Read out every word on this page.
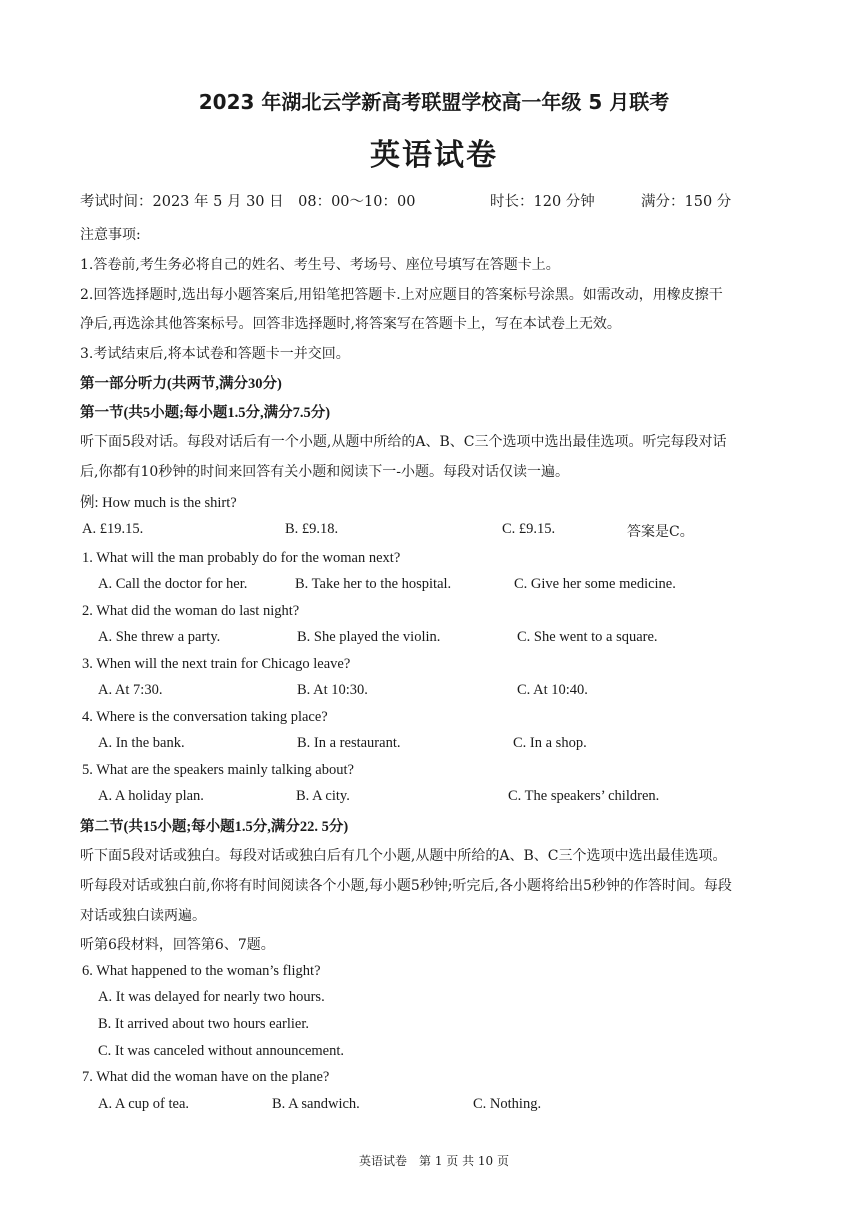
2023 年湖北云学新高考联盟学校高一年级 5 月联考
英语试卷
考试时间：2023 年 5 月 30 日　08：00～10：00	时长：120 分钟	满分：150 分
注意事项:
1.答卷前,考生务必将自己的姓名、考生号、考场号、座位号填写在答题卡上。
2.回答选择题时,选出每小题答案后,用铅笔把答题卡.上对应题目的答案标号涂黑。如需改动，用橡皮擦干
净后,再选涂其他答案标号。回答非选择题时,将答案写在答题卡上，写在本试卷上无效。
3.考试结束后,将本试卷和答题卡一并交回。
第一部分听力(共两节,满分30分)
第一节(共5小题;每小题1.5分,满分7.5分)
听下面5段对话。每段对话后有一个小题,从题中所给的A、B、C三个选项中选出最佳选项。听完每段对话
后,你都有10秒钟的时间来回答有关小题和阅读下一-小题。每段对话仅读一遍。
例: How much is the shirt?
A. £19.15.	B. £9.18.	C. £9.15.	答案是C。
1. What will the man probably do for the woman next?
A. Call the doctor for her.	B. Take her to the hospital.	C. Give her some medicine.
2. What did the woman do last night?
A. She threw a party.	B. She played the violin.	C. She went to a square.
3. When will the next train for Chicago leave?
A. At 7:30.	B. At 10:30.	C. At 10:40.
4. Where is the conversation taking place?
A. In the bank.	B. In a restaurant.	C. In a shop.
5. What are the speakers mainly talking about?
A. A holiday plan.	B. A city.	C. The speakers’ children.
第二节(共15小题;每小题1.5分,满分22. 5分)
听下面5段对话或独白。每段对话或独白后有几个小题,从题中所给的A、B、C三个选项中选出最佳选项。
听每段对话或独白前,你将有时间阅读各个小题,每小题5秒钟;听完后,各小题将给出5秒钟的作答时间。每段
对话或独白读两遍。
听第6段材料，回答第6、7题。
6. What happened to the woman’s flight?
A. It was delayed for nearly two hours.
B. It arrived about two hours earlier.
C. It was canceled without announcement.
7. What did the woman have on the plane?
A. A cup of tea.	B. A sandwich.	C. Nothing.
英语试卷　第 1 页 共 10 页
